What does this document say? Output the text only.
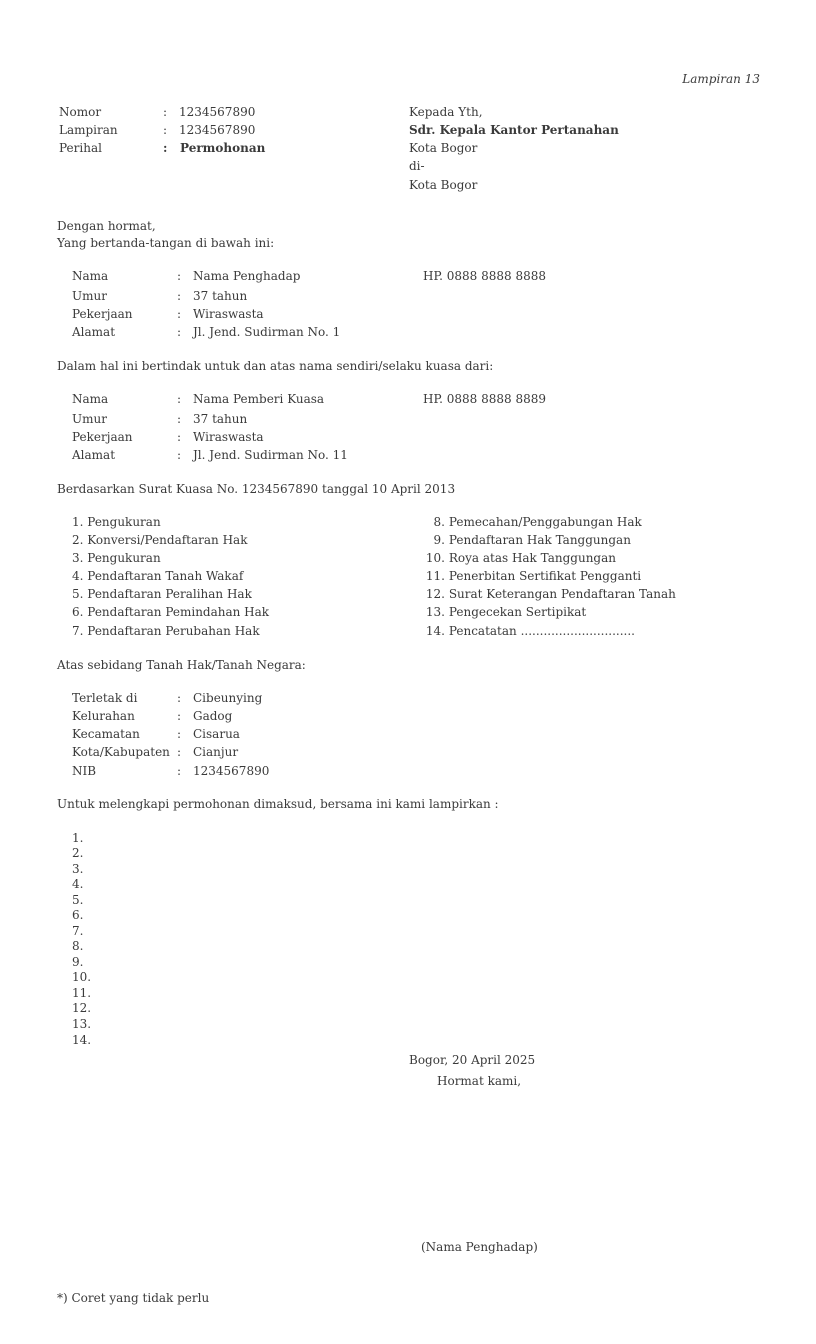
Lampiran 13
Nomor	: 1234567890
Lampiran	: 1234567890
Perihal	: Permohonan
Kepada Yth,
Sdr. Kepala Kantor Pertanahan
Kota Bogor
di-
Kota Bogor
Dengan hormat,
Yang bertanda-tangan di bawah ini:
Nama	: Nama Penghadap	HP. 0888 8888 8888
Umur	: 37 tahun
Pekerjaan	: Wiraswasta
Alamat	: Jl. Jend. Sudirman No. 1
Dalam hal ini bertindak untuk dan atas nama sendiri/selaku kuasa dari:
Nama	: Nama Pemberi Kuasa	HP. 0888 8888 8889
Umur	: 37 tahun
Pekerjaan	: Wiraswasta
Alamat	: Jl. Jend. Sudirman No. 11
Berdasarkan Surat Kuasa No. 1234567890 tanggal 10 April 2013
1. Pengukuran
2. Konversi/Pendaftaran Hak
3. Pengukuran
4. Pendaftaran Tanah Wakaf
5. Pendaftaran Peralihan Hak
6. Pendaftaran Pemindahan Hak
7. Pendaftaran Perubahan Hak
8. Pemecahan/Penggabungan Hak
9. Pendaftaran Hak Tanggungan
10. Roya atas Hak Tanggungan
11. Penerbitan Sertifikat Pengganti
12. Surat Keterangan Pendaftaran Tanah
13. Pengecekan Sertipikat
14. Pencatatan ..............................
Atas sebidang Tanah Hak/Tanah Negara:
Terletak di	: Cibeunying
Kelurahan	: Gadog
Kecamatan	: Cisarua
Kota/Kabupaten : Cianjur
NIB	: 1234567890
Untuk melengkapi permohonan dimaksud, bersama ini kami lampirkan :
1.
2.
3.
4.
5.
6.
7.
8.
9.
10.
11.
12.
13.
14.
Bogor, 20 April 2025
Hormat kami,
(Nama Penghadap)
*) Coret yang tidak perlu
